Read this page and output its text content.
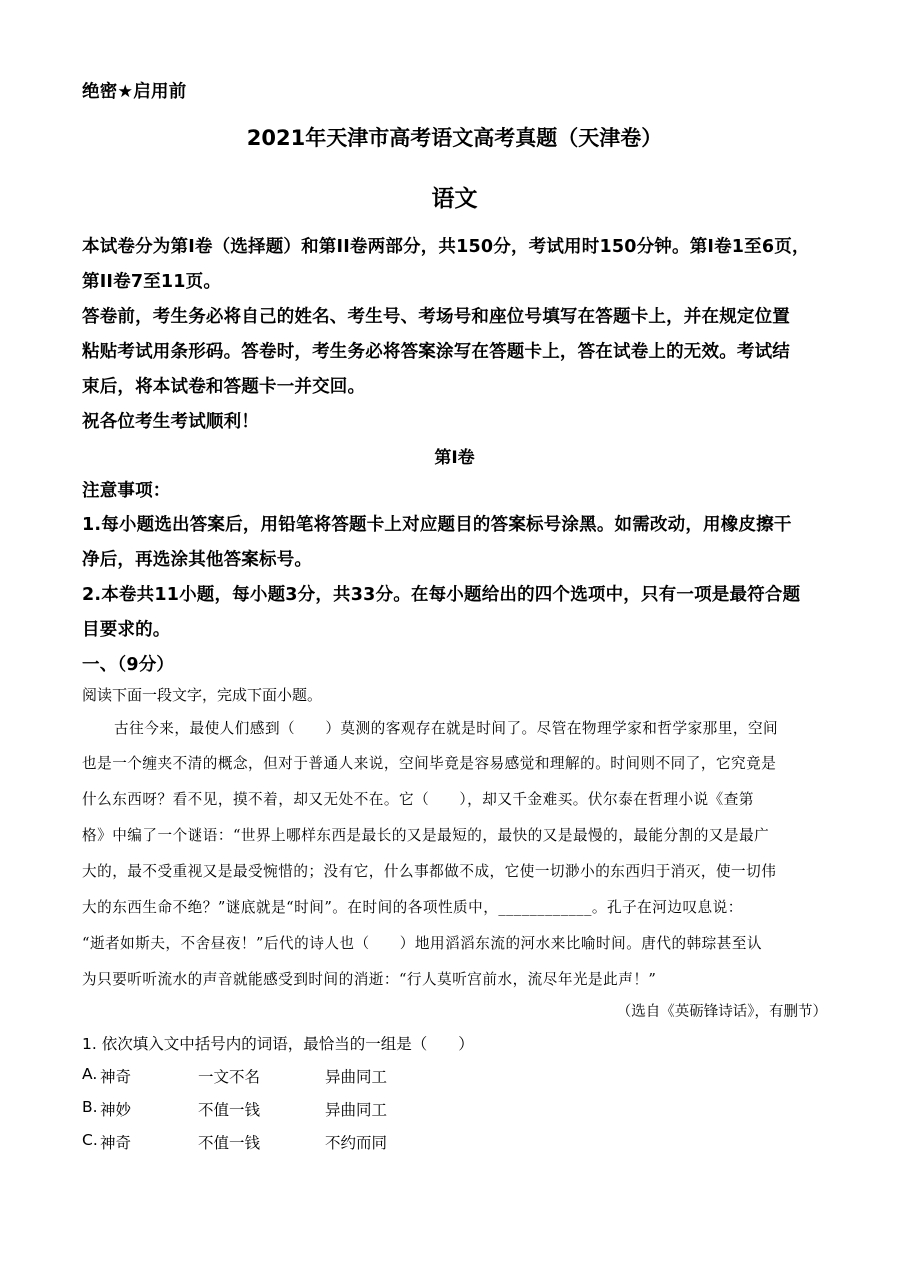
绝密★启用前
2021年天津市高考语文高考真题（天津卷）
语文
本试卷分为第I卷（选择题）和第II卷两部分，共150分，考试用时150分钟。第I卷1至6页，
第II卷7至11页。
答卷前，考生务必将自己的姓名、考生号、考场号和座位号填写在答题卡上，并在规定位置
粘贴考试用条形码。答卷时，考生务必将答案涂写在答题卡上，答在试卷上的无效。考试结
束后，将本试卷和答题卡一并交回。
祝各位考生考试顺利！
第I卷
注意事项：
1.每小题选出答案后，用铅笔将答题卡上对应题目的答案标号涂黑。如需改动，用橡皮擦干
净后，再选涂其他答案标号。
2.本卷共11小题，每小题3分，共33分。在每小题给出的四个选项中，只有一项是最符合题
目要求的。
一、（9分）
阅读下面一段文字，完成下面小题。
古往今来，最使人们感到（　　）莫测的客观存在就是时间了。尽管在物理学家和哲学家那里，空间
也是一个缠夹不清的概念，但对于普通人来说，空间毕竟是容易感觉和理解的。时间则不同了，它究竟是
什么东西呀？看不见，摸不着，却又无处不在。它（　　），却又千金难买。伏尔泰在哲理小说《查第
格》中编了一个谜语：“世界上哪样东西是最长的又是最短的，最快的又是最慢的，最能分割的又是最广
大的，最不受重视又是最受惋惜的；没有它，什么事都做不成，它使一切渺小的东西归于消灭，使一切伟
大的东西生命不绝？”谜底就是“时间”。在时间的各项性质中，____________。孔子在河边叹息说：
“逝者如斯夫，不舍昼夜！”后代的诗人也（　　）地用滔滔东流的河水来比喻时间。唐代的韩琮甚至认
为只要听听流水的声音就能感受到时间的消逝：“行人莫听宫前水，流尽年光是此声！”
（选自《英砺锋诗话》，有删节）
1. 依次填入文中括号内的词语，最恰当的一组是（　　）
A. 神奇	一文不名	异曲同工
B. 神妙	不值一钱	异曲同工
C. 神奇	不值一钱	不约而同
